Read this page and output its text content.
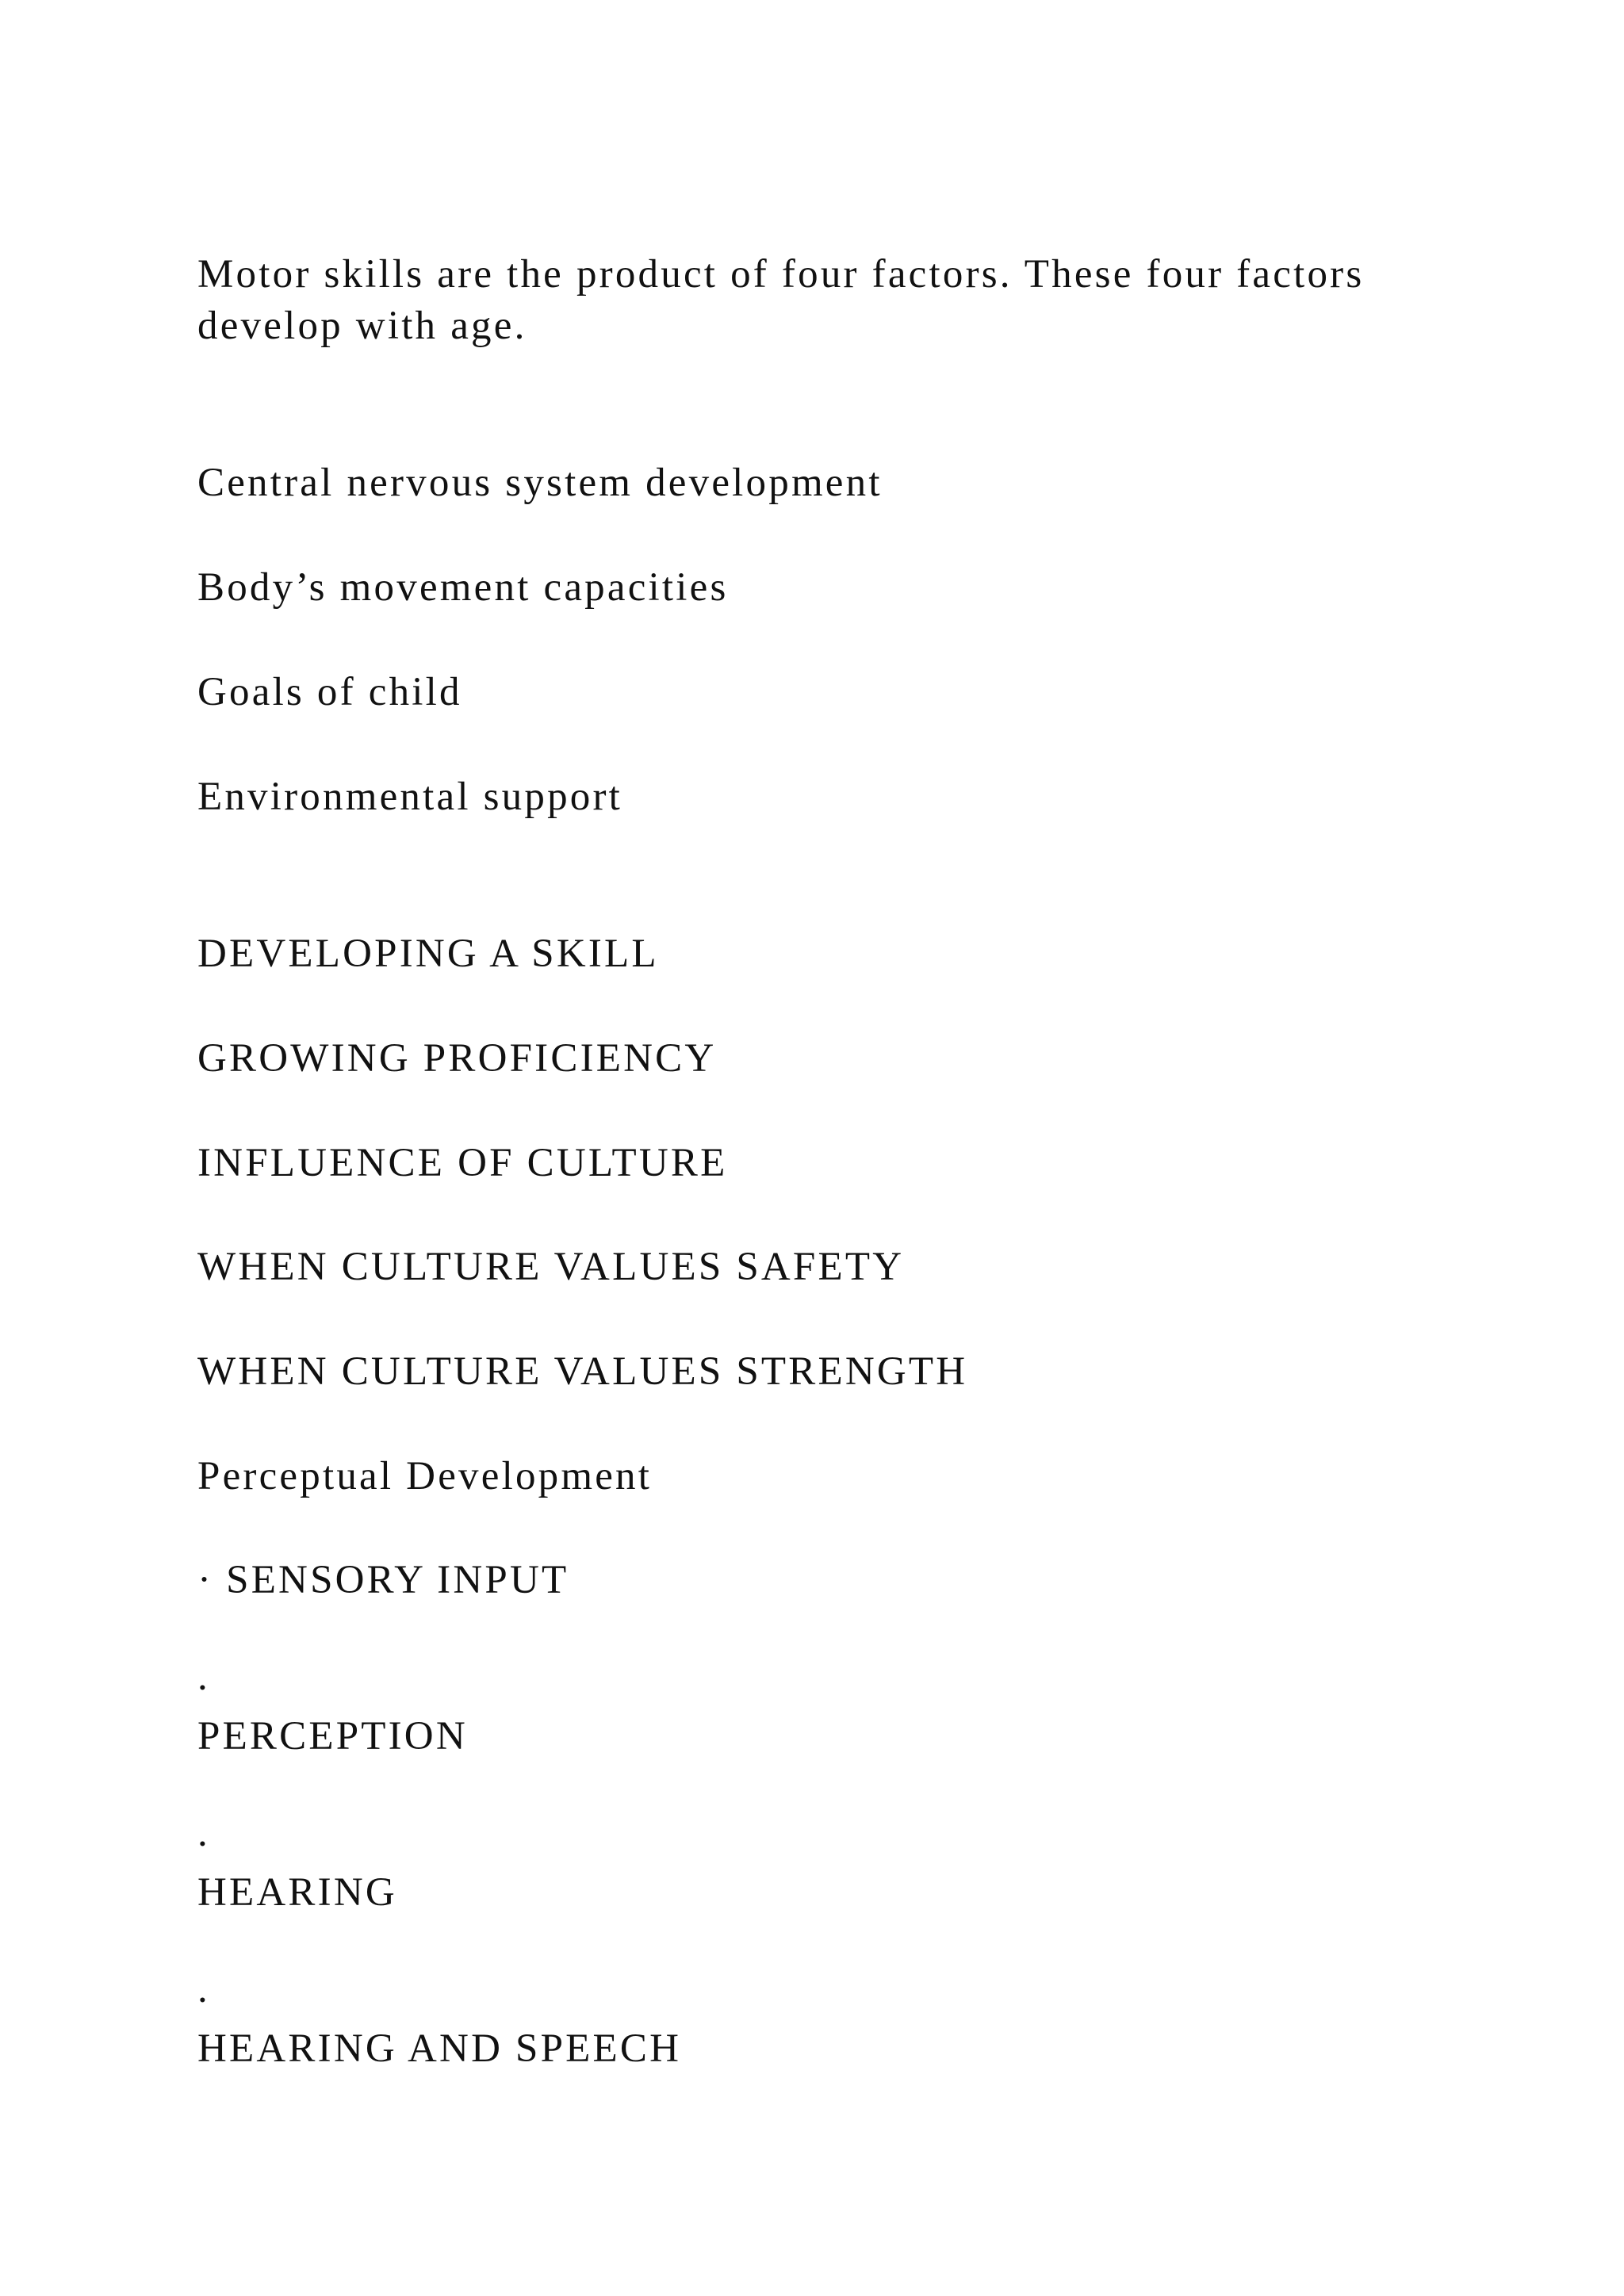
Motor skills are the product of four factors. These four factors

develop with age.

Central nervous system development

Body’s movement capacities

Goals of child

Environmental support

DEVELOPING A SKILL

GROWING PROFICIENCY

INFLUENCE OF CULTURE

WHEN CULTURE VALUES SAFETY

WHEN CULTURE VALUES STRENGTH

Perceptual Development

· SENSORY INPUT

.

PERCEPTION

.

HEARING

.

HEARING AND SPEECH
